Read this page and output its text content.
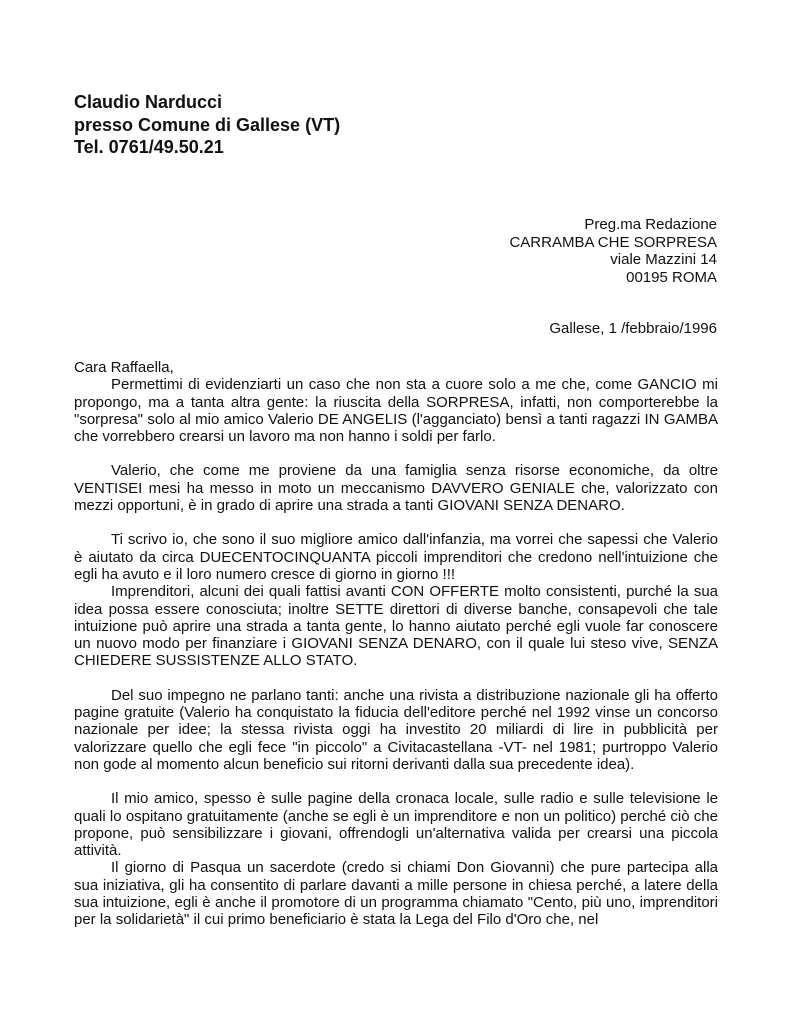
Claudio Narducci
presso Comune di Gallese (VT)
Tel. 0761/49.50.21
Preg.ma Redazione
CARRAMBA CHE SORPRESA
viale Mazzini 14
00195 ROMA
Gallese, 1 /febbraio/1996
Cara Raffaella,

Permettimi di evidenziarti un caso che non sta a cuore solo a me che, come GANCIO mi propongo, ma a tanta altra gente: la riuscita della SORPRESA, infatti, non comporterebbe la "sorpresa" solo al mio amico Valerio DE ANGELIS (l'agganciato) bensì a tanti ragazzi IN GAMBA che vorrebbero crearsi un lavoro ma non hanno i soldi per farlo.

Valerio, che come me proviene da una famiglia senza risorse economiche, da oltre VENTISEI mesi ha messo in moto un meccanismo DAVVERO GENIALE che, valorizzato con mezzi opportuni, è in grado di aprire una strada a tanti GIOVANI SENZA DENARO.

Ti scrivo io, che sono il suo migliore amico dall'infanzia, ma vorrei che sapessi che Valerio è aiutato da circa DUECENTOCINQUANTA piccoli imprenditori che credono nell'intuizione che egli ha avuto e il loro numero cresce di giorno in giorno !!!

Imprenditori, alcuni dei quali fattisi avanti CON OFFERTE molto consistenti, purché la sua idea possa essere conosciuta; inoltre SETTE direttori di diverse banche, consapevoli che tale intuizione può aprire una strada a tanta gente, lo hanno aiutato perché egli vuole far conoscere un nuovo modo per finanziare i GIOVANI SENZA DENARO, con il quale lui steso vive, SENZA CHIEDERE SUSSISTENZE ALLO STATO.

Del suo impegno ne parlano tanti: anche una rivista a distribuzione nazionale gli ha offerto pagine gratuite (Valerio ha conquistato la fiducia dell'editore perché nel 1992 vinse un concorso nazionale per idee; la stessa rivista oggi ha investito 20 miliardi di lire in pubblicità per valorizzare quello che egli fece "in piccolo" a Civitacastellana -VT- nel 1981; purtroppo Valerio non gode al momento alcun beneficio sui ritorni derivanti dalla sua precedente idea).

Il mio amico, spesso è sulle pagine della cronaca locale, sulle radio e sulle televisione le quali lo ospitano gratuitamente (anche se egli è un imprenditore e non un politico) perché ciò che propone, può sensibilizzare i giovani, offrendogli un'alternativa valida per crearsi una piccola attività.

Il giorno di Pasqua un sacerdote (credo si chiami Don Giovanni) che pure partecipa alla sua iniziativa, gli ha consentito di parlare davanti a mille persone in chiesa perché, a latere della sua intuizione, egli è anche il promotore di un programma chiamato "Cento, più uno, imprenditori per la solidarietà" il cui primo beneficiario è stata la Lega del Filo d'Oro che, nel
